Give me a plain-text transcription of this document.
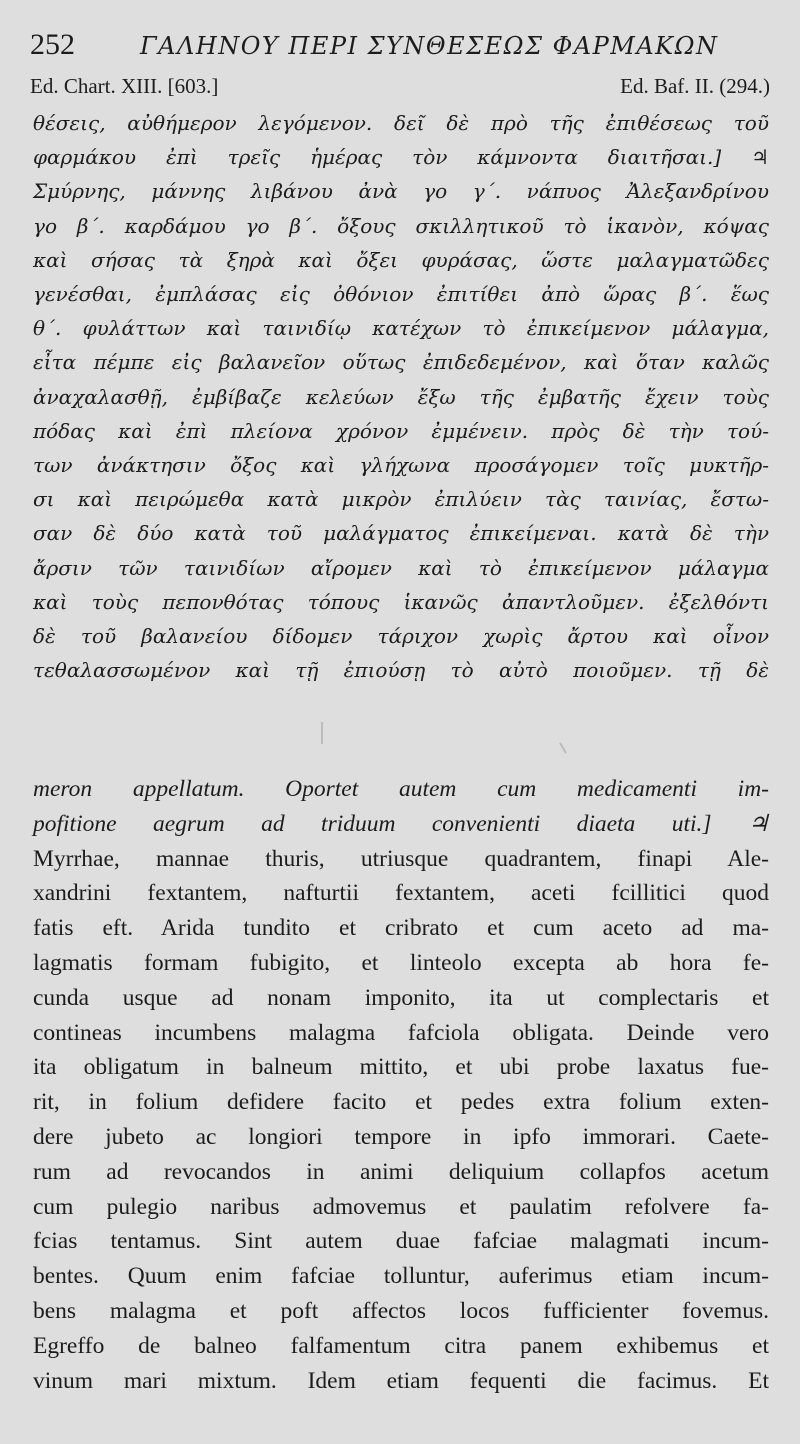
252	ΓΑΛΗΝΟΥ ΠΕΡΙ ΣΥΝΘΕΣΕΩΣ ΦΑΡΜΑΚΩΝ
Ed. Chart. XIII. [603.]	Ed. Baf. II. (294.)
θέσεις, αὐθήμερον λεγόμενον. δεῖ δὲ πρὸ τῆς ἐπιθέσεως τοῦ
φαρμάκου ἐπὶ τρεῖς ἡμέρας τὸν κάμνοντα διαιτῆσαι.] ♃
Σμύρνης, μάννης λιβάνου ἀνὰ γο γ΄. νάπυος Ἀλεξανδρίνου
γο β΄. καρδάμου γο β΄. ὄξους σκιλλητικοῦ τὸ ἱκανὸν, κόψας
καὶ σήσας τὰ ξηρὰ καὶ ὄξει φυράσας, ὥστε μαλαγματῶδες
γενέσθαι, ἐμπλάσας εἰς ὀθόνιον ἐπιτίθει ἀπὸ ὥρας β΄. ἕως
θ΄. φυλάττων καὶ ταινιδίῳ κατέχων τὸ ἐπικείμενον μάλαγμα,
εἶτα πέμπε εἰς βαλανεῖον οὕτως ἐπιδεδεμένον, καὶ ὅταν καλῶς
ἀναχαλασθῇ, ἐμβίβαζε κελεύων ἔξω τῆς ἐμβατῆς ἔχειν τοὺς
πόδας καὶ ἐπὶ πλείονα χρόνον ἐμμένειν. πρὸς δὲ τὴν τού-
των ἀνάκτησιν ὄξος καὶ γλήχωνα προσάγομεν τοῖς μυκτῆρ-
σι καὶ πειρώμεθα κατὰ μικρὸν ἐπιλύειν τὰς ταινίας, ἔστω-
σαν δὲ δύο κατὰ τοῦ μαλάγματος ἐπικείμεναι. κατὰ δὲ τὴν
ἄρσιν τῶν ταινιδίων αἴρομεν καὶ τὸ ἐπικείμενον μάλαγμα
καὶ τοὺς πεπονθότας τόπους ἱκανῶς ἀπαντλοῦμεν. ἐξελθόντι
δὲ τοῦ βαλανείου δίδομεν τάριχον χωρὶς ἄρτου καὶ οἶνον
τεθαλασσωμένον καὶ τῇ ἐπιούσῃ τὸ αὐτὸ ποιοῦμεν. τῇ δὲ
meron appellatum. Oportet autem cum medicamenti im-
pofitione aegrum ad triduum convenienti diaeta uti.] ♃
Myrrhae, mannae thuris, utriusque quadrantem, finapi Ale-
xandrini fextantem, nafturtii fextantem, aceti fcillitici quod
fatis eft. Arida tundito et cribrato et cum aceto ad ma-
lagmatis formam fubigito, et linteolo excepta ab hora fe-
cunda usque ad nonam imponito, ita ut complectaris et
contineas incumbens malagma fafciola obligata. Deinde vero
ita obligatum in balneum mittito, et ubi probe laxatus fue-
rit, in folium defidere facito et pedes extra folium exten-
dere jubeto ac longiori tempore in ipfo immorari. Caete-
rum ad revocandos in animi deliquium collapfos acetum
cum pulegio naribus admovemus et paulatim refolvere fa-
fcias tentamus. Sint autem duae fafciae malagmati incum-
bentes. Quum enim fafciae tolluntur, auferimus etiam incum-
bens malagma et poft affectos locos fufficienter fovemus.
Egreffo de balneo falfamentum citra panem exhibemus et
vinum mari mixtum. Idem etiam fequenti die facimus. Et
